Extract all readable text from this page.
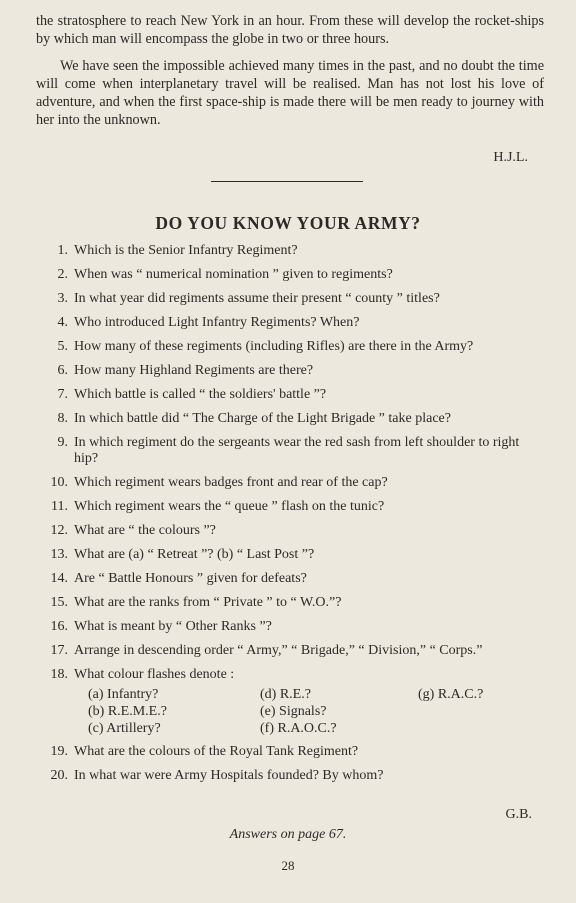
the stratosphere to reach New York in an hour. From these will develop the rocket-ships by which man will encompass the globe in two or three hours.

We have seen the impossible achieved many times in the past, and no doubt the time will come when interplanetary travel will be realised. Man has not lost his love of adventure, and when the first space-ship is made there will be men ready to journey with her into the unknown.

H.J.L.
DO YOU KNOW YOUR ARMY?
1. Which is the Senior Infantry Regiment?
2. When was “ numerical nomination ” given to regiments?
3. In what year did regiments assume their present “ county ” titles?
4. Who introduced Light Infantry Regiments? When?
5. How many of these regiments (including Rifles) are there in the Army?
6. How many Highland Regiments are there?
7. Which battle is called “ the soldiers' battle ”?
8. In which battle did “ The Charge of the Light Brigade ” take place?
9. In which regiment do the sergeants wear the red sash from left shoulder to right hip?
10. Which regiment wears badges front and rear of the cap?
11. Which regiment wears the “ queue ” flash on the tunic?
12. What are “ the colours ”?
13. What are (a) “ Retreat ”? (b) “ Last Post ”?
14. Are “ Battle Honours ” given for defeats?
15. What are the ranks from “ Private ” to “ W.O.”?
16. What is meant by “ Other Ranks ”?
17. Arrange in descending order “ Army,” “ Brigade,” “ Division,” “ Corps.”
18. What colour flashes denote :
(a) Infantry?	(d) R.E.?	(g) R.A.C.?
(b) R.E.M.E.?	(e) Signals?
(c) Artillery?	(f) R.A.O.C.?
19. What are the colours of the Royal Tank Regiment?
20. In what war were Army Hospitals founded? By whom?
G.B.
Answers on page 67.
28
